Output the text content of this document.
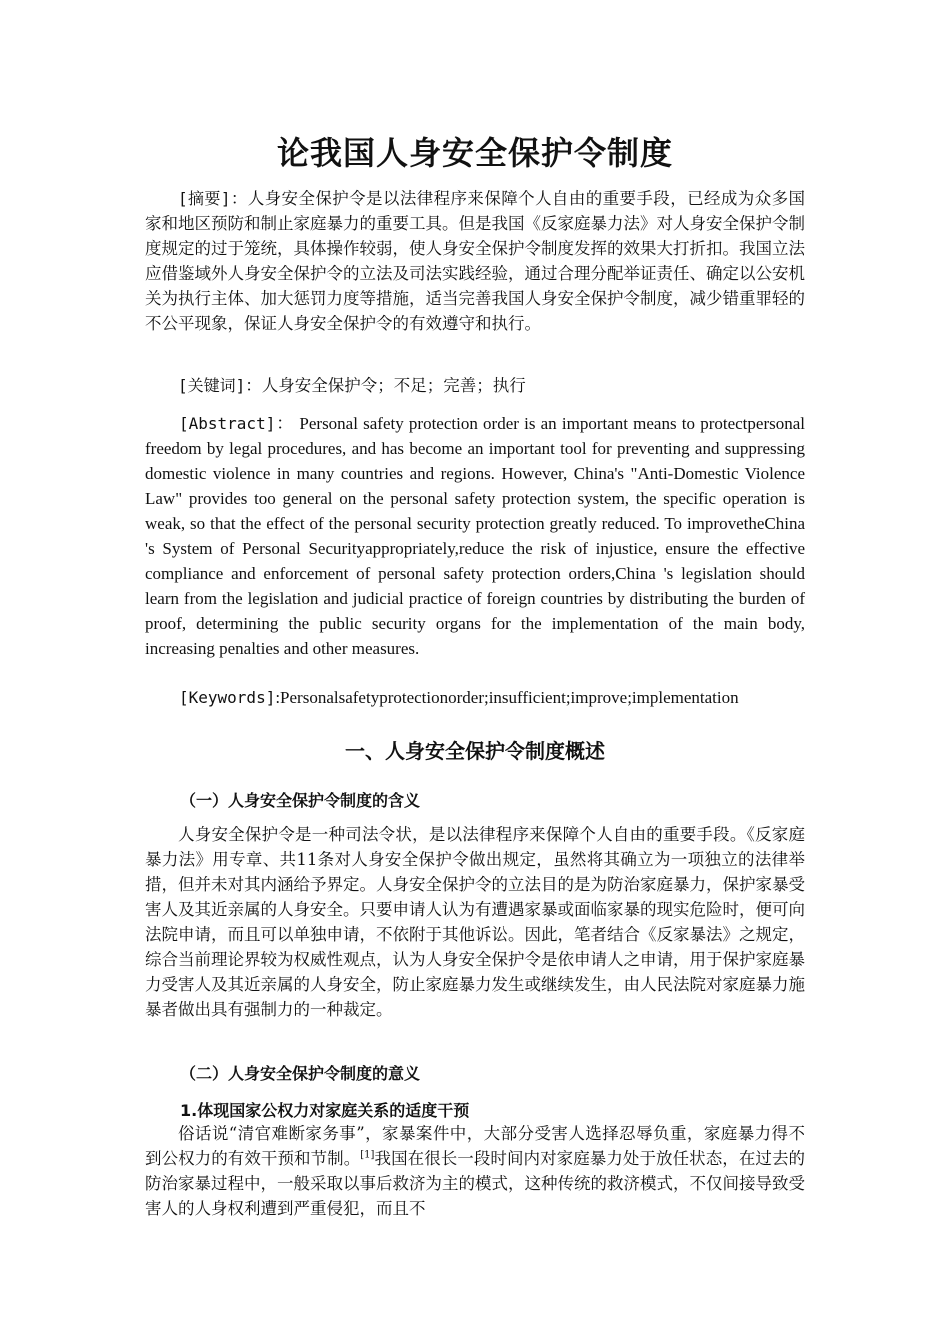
论我国人身安全保护令制度

[摘要]：人身安全保护令是以法律程序来保障个人自由的重要手段，已经成为众多国家和地区预防和制止家庭暴力的重要工具。但是我国《反家庭暴力法》对人身安全保护令制度规定的过于笼统，具体操作较弱，使人身安全保护令制度发挥的效果大打折扣。我国立法应借鉴域外人身安全保护令的立法及司法实践经验，通过合理分配举证责任、确定以公安机关为执行主体、加大惩罚力度等措施，适当完善我国人身安全保护令制度，减少错重罪轻的不公平现象，保证人身安全保护令的有效遵守和执行。

[关键词]：人身安全保护令；不足；完善；执行

[Abstract]： Personal safety protection order is an important means to protectpersonal freedom by legal procedures, and has become an important tool for preventing and suppressing domestic violence in many countries and regions. However, China's "Anti-Domestic Violence Law" provides too general on the personal safety protection system, the specific operation is weak, so that the effect of the personal security protection greatly reduced. To improvetheChina 's System of Personal Securityappropriately,reduce the risk of injustice, ensure the effective compliance and enforcement of personal safety protection orders,China 's legislation should learn from the legislation and judicial practice of foreign countries by distributing the burden of proof, determining the public security organs for the implementation of the main body, increasing penalties and other measures.

[Keywords]:Personalsafetyprotectionorder;insufficient;improve;implementation

一、人身安全保护令制度概述
（一）人身安全保护令制度的含义

人身安全保护令是一种司法令状，是以法律程序来保障个人自由的重要手段。《反家庭暴力法》用专章、共11条对人身安全保护令做出规定，虽然将其确立为一项独立的法律举措，但并未对其内涵给予界定。人身安全保护令的立法目的是为防治家庭暴力，保护家暴受害人及其近亲属的人身安全。只要申请人认为有遭遇家暴或面临家暴的现实危险时，便可向法院申请，而且可以单独申请，不依附于其他诉讼。因此，笔者结合《反家暴法》之规定，综合当前理论界较为权威性观点，认为人身安全保护令是依申请人之申请，用于保护家庭暴力受害人及其近亲属的人身安全，防止家庭暴力发生或继续发生，由人民法院对家庭暴力施暴者做出具有强制力的一种裁定。

（二）人身安全保护令制度的意义
1.体现国家公权力对家庭关系的适度干预

俗话说“清官难断家务事”，家暴案件中，大部分受害人选择忍辱负重，家庭暴力得不到公权力的有效干预和节制。[1]我国在很长一段时间内对家庭暴力处于放任状态，在过去的防治家暴过程中，一般采取以事后救济为主的模式，这种传统的救济模式，不仅间接导致受害人的人身权利遭到严重侵犯，而且不
